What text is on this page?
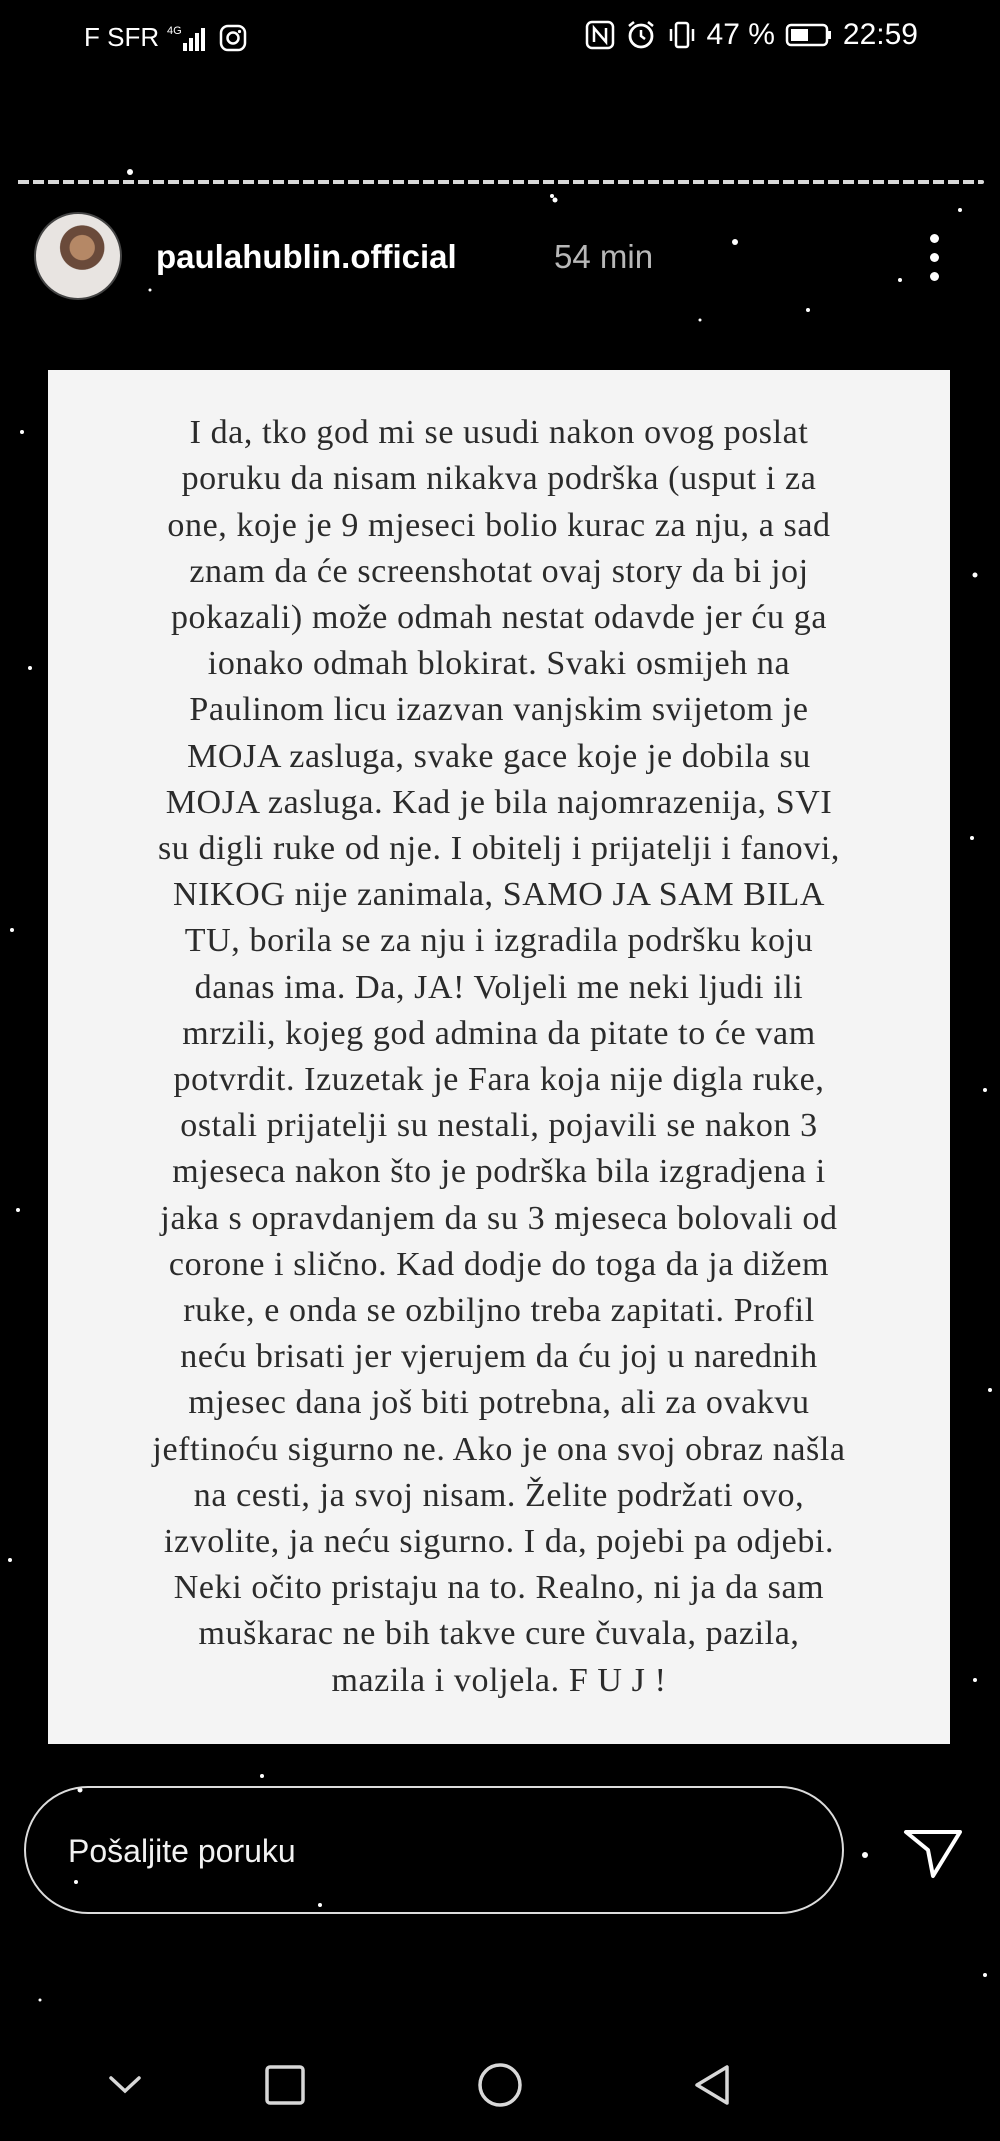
F SFR 4G	47 % 22:59
paulahublin.official	54 min
I da, tko god mi se usudi nakon ovog poslat
poruku da nisam nikakva podrška (usput i za
one, koje je 9 mjeseci bolio kurac za nju, a sad
znam da će screenshotat ovaj story da bi joj
pokazali) može odmah nestat odavde jer ću ga
ionako odmah blokirat. Svaki osmijeh na
Paulinom licu izazvan vanjskim svijetom je
MOJA zasluga, svake gace koje je dobila su
MOJA zasluga. Kad je bila najomrazenija, SVI
su digli ruke od nje. I obitelj i prijatelji i fanovi,
NIKOG nije zanimala, SAMO JA SAM BILA
TU, borila se za nju i izgradila podršku koju
danas ima. Da, JA! Voljeli me neki ljudi ili
mrzili, kojeg god admina da pitate to će vam
potvrdit. Izuzetak je Fara koja nije digla ruke,
ostali prijatelji su nestali, pojavili se nakon 3
mjeseca nakon što je podrška bila izgradjena i
jaka s opravdanjem da su 3 mjeseca bolovali od
corone i slično. Kad dodje do toga da ja dižem
ruke, e onda se ozbiljno treba zapitati. Profil
neću brisati jer vjerujem da ću joj u narednih
mjesec dana još biti potrebna, ali za ovakvu
jeftinoću sigurno ne. Ako je ona svoj obraz našla
na cesti, ja svoj nisam. Želite podržati ovo,
izvolite, ja neću sigurno. I da, pojebi pa odjebi.
Neki očito pristaju na to. Realno, ni ja da sam
muškarac ne bih takve cure čuvala, pazila,
mazila i voljela. F U J !
Pošaljite poruku
